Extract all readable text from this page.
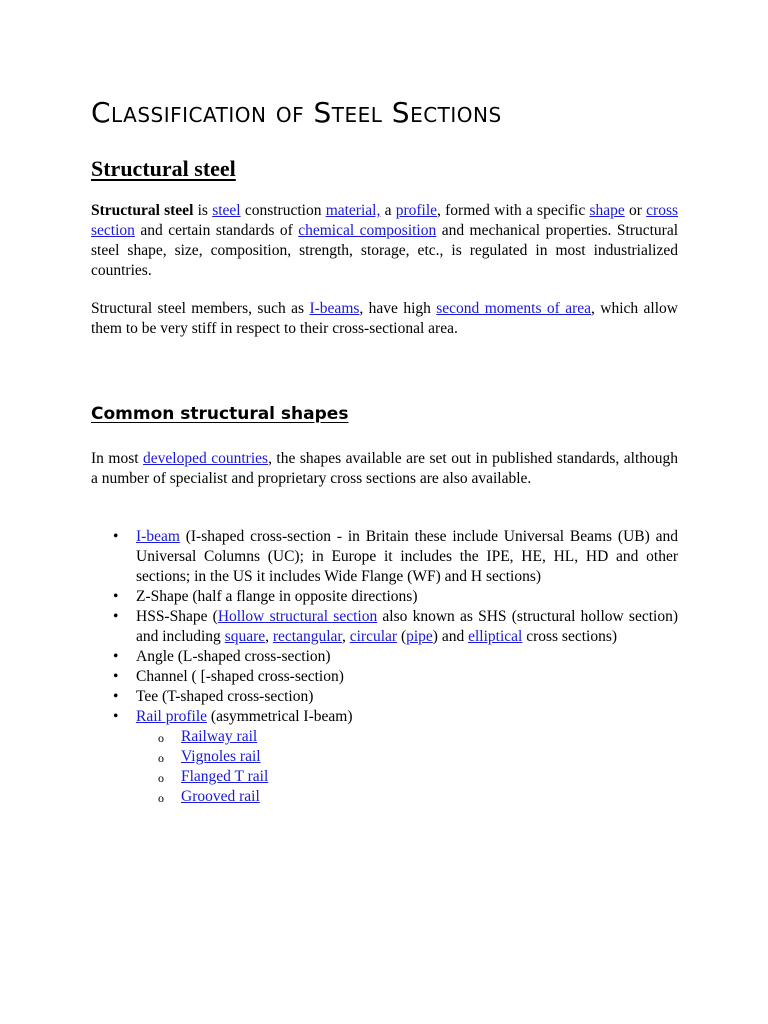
Classification of Steel Sections
Structural steel

Structural steel is steel construction material, a profile, formed with a specific shape or cross section and certain standards of chemical composition and mechanical properties. Structural steel shape, size, composition, strength, storage, etc., is regulated in most industrialized countries.

Structural steel members, such as I-beams, have high second moments of area, which allow them to be very stiff in respect to their cross-sectional area.

Common structural shapes

In most developed countries, the shapes available are set out in published standards, although a number of specialist and proprietary cross sections are also available.

• I-beam (I-shaped cross-section - in Britain these include Universal Beams (UB) and Universal Columns (UC); in Europe it includes the IPE, HE, HL, HD and other sections; in the US it includes Wide Flange (WF) and H sections)
• Z-Shape (half a flange in opposite directions)
• HSS-Shape (Hollow structural section also known as SHS (structural hollow section) and including square, rectangular, circular (pipe) and elliptical cross sections)
• Angle (L-shaped cross-section)
• Channel ( [-shaped cross-section)
• Tee (T-shaped cross-section)
• Rail profile (asymmetrical I-beam)
o Railway rail
o Vignoles rail
o Flanged T rail
o Grooved rail
